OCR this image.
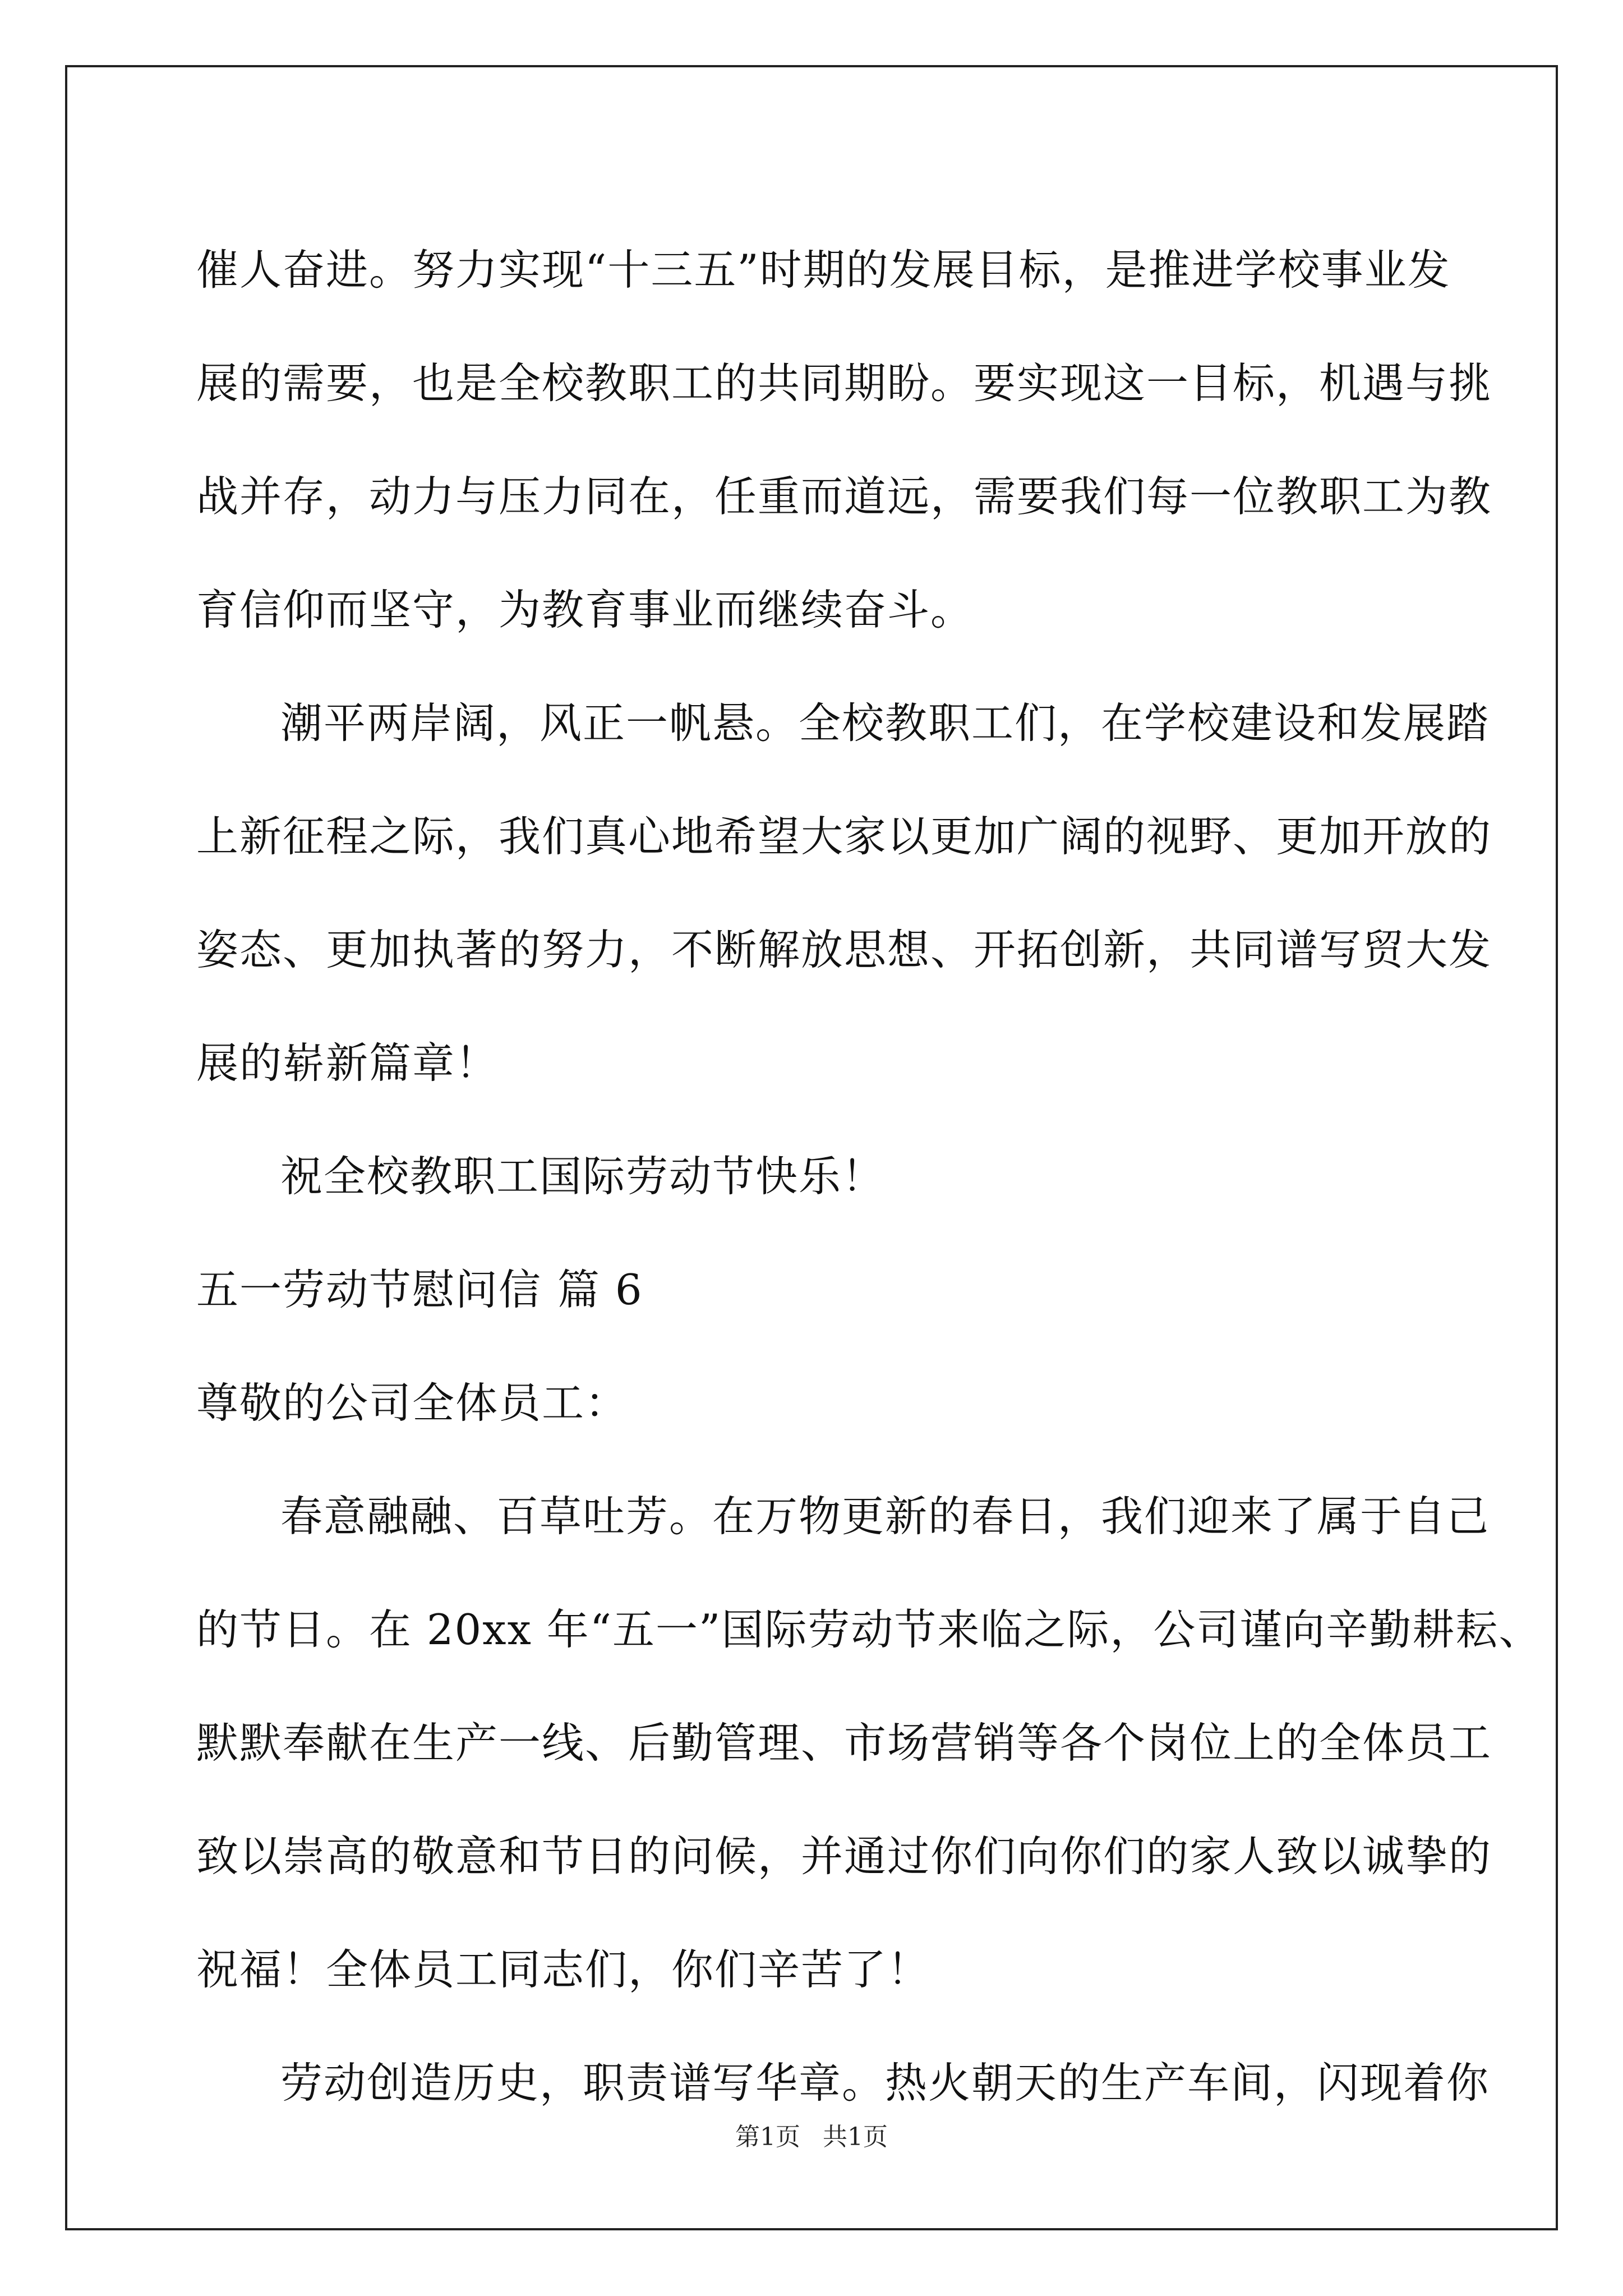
催人奋进。努力实现“十三五”时期的发展目标，是推进学校事业发
展的需要，也是全校教职工的共同期盼。要实现这一目标，机遇与挑
战并存，动力与压力同在，任重而道远，需要我们每一位教职工为教
育信仰而坚守，为教育事业而继续奋斗。
潮平两岸阔，风正一帆悬。全校教职工们，在学校建设和发展踏
上新征程之际，我们真心地希望大家以更加广阔的视野、更加开放的
姿态、更加执著的努力，不断解放思想、开拓创新，共同谱写贸大发
展的崭新篇章！
祝全校教职工国际劳动节快乐！
五一劳动节慰问信 篇 6
尊敬的公司全体员工：
春意融融、百草吐芳。在万物更新的春日，我们迎来了属于自己
的节日。在 20xx 年“五一”国际劳动节来临之际，公司谨向辛勤耕耘、
默默奉献在生产一线、后勤管理、市场营销等各个岗位上的全体员工
致以崇高的敬意和节日的问候，并通过你们向你们的家人致以诚挚的
祝福！全体员工同志们，你们辛苦了！
劳动创造历史，职责谱写华章。热火朝天的生产车间，闪现着你
第1页 共1页
